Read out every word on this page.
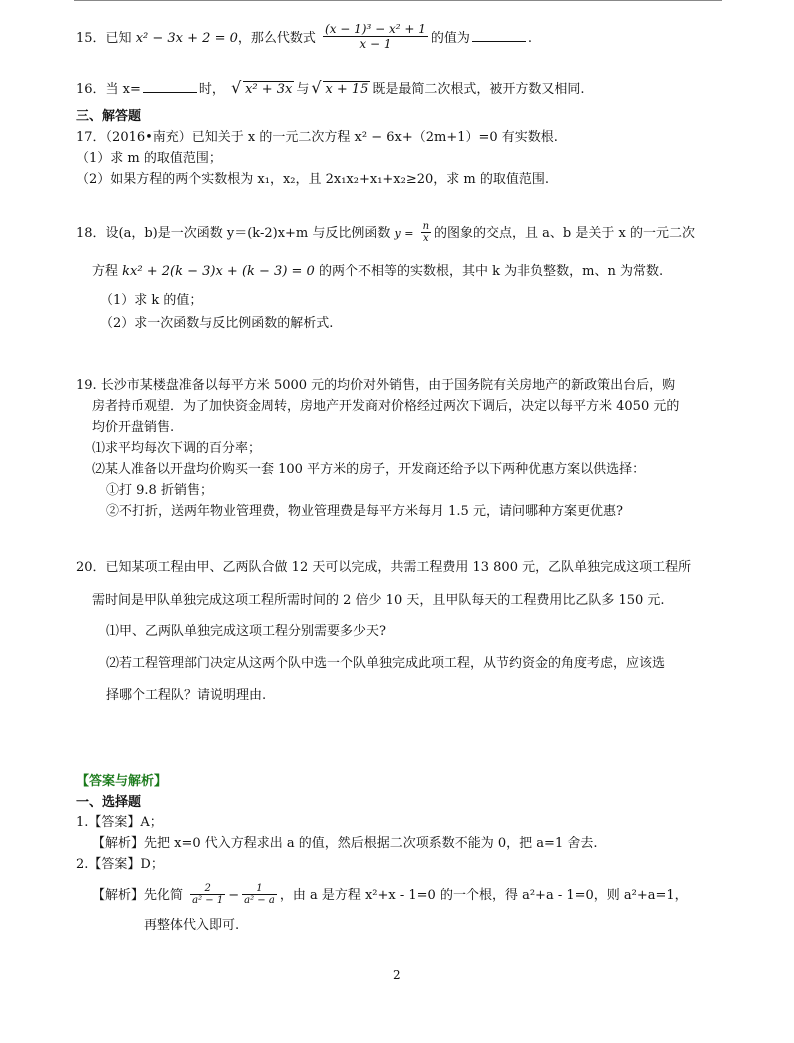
15．已知 x² − 3x + 2 = 0，那么代数式 $\frac{\text{(x − 1)³ − x² + 1}}{x - 1}$ 的值为	.
16．当 x=	时， √ x² + 3x 与 √ x + 15 既是最简二次根式，被开方数又相同.
三、解答题
17．（2016•南充）已知关于 x 的一元二次方程 x² − 6x+（2m+1）=0 有实数根.
（1）求 m 的取值范围；
（2）如果方程的两个实数根为 x₁，x₂，且 2x₁x₂+x₁+x₂≥20，求 m 的取值范围.
18．设(a，b)是一次函数 y＝(k-2)x+m 与反比例函数 $y = \frac{n}{x}$ 的图象的交点，且 a、b 是关于 x 的一元二次
方程 kx² + 2(k − 3)x + (k − 3) = 0 的两个不相等的实数根，其中 k 为非负整数，m、n 为常数.
（1）求 k 的值；
（2）求一次函数与反比例函数的解析式.
19. 长沙市某楼盘准备以每平方米 5000 元的均价对外销售，由于国务院有关房地产的新政策出台后，购
房者持币观望．为了加快资金周转，房地产开发商对价格经过两次下调后，决定以每平方米 4050 元的
均价开盘销售.
⑴求平均每次下调的百分率；
⑵某人准备以开盘均价购买一套 100 平方米的房子，开发商还给予以下两种优惠方案以供选择：
①打 9.8 折销售；
②不打折，送两年物业管理费，物业管理费是每平方米每月 1.5 元，请问哪种方案更优惠?
20．已知某项工程由甲、乙两队合做 12 天可以完成，共需工程费用 13 800 元，乙队单独完成这项工程所
需时间是甲队单独完成这项工程所需时间的 2 倍少 10 天，且甲队每天的工程费用比乙队多 150 元.
⑴甲、乙两队单独完成这项工程分别需要多少天?
⑵若工程管理部门决定从这两个队中选一个队单独完成此项工程，从节约资金的角度考虑，应该选
择哪个工程队？请说明理由.
【答案与解析】
一、选择题
1.【答案】A；
【解析】先把 x=0 代入方程求出 a 的值，然后根据二次项系数不能为 0，把 a=1 舍去.
2.【答案】D；
【解析】先化简 $\frac{2}{\text{a² − 1}} - \frac{1}{\text{a² − a}}$ ，由 a 是方程 x²+x - 1=0 的一个根，得 a²+a - 1=0，则 a²+a=1，
再整体代入即可.
2
